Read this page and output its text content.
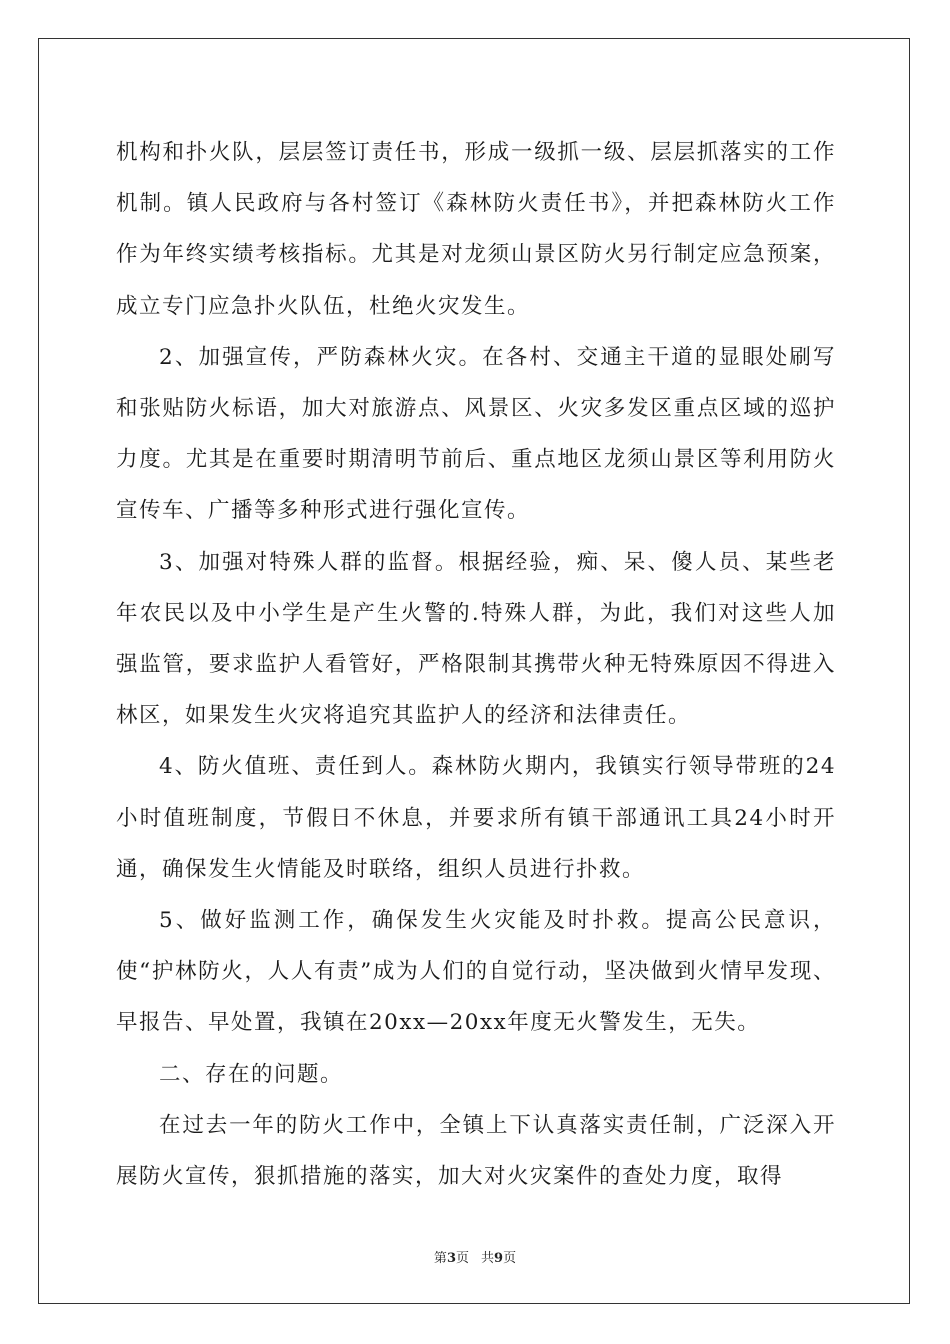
机构和扑火队，层层签订责任书，形成一级抓一级、层层抓落实的工作机制。镇人民政府与各村签订《森林防火责任书》，并把森林防火工作作为年终实绩考核指标。尤其是对龙须山景区防火另行制定应急预案，成立专门应急扑火队伍，杜绝火灾发生。

2、加强宣传，严防森林火灾。在各村、交通主干道的显眼处刷写和张贴防火标语，加大对旅游点、风景区、火灾多发区重点区域的巡护力度。尤其是在重要时期清明节前后、重点地区龙须山景区等利用防火宣传车、广播等多种形式进行强化宣传。

3、加强对特殊人群的监督。根据经验，痴、呆、傻人员、某些老年农民以及中小学生是产生火警的.特殊人群，为此，我们对这些人加强监管，要求监护人看管好，严格限制其携带火种无特殊原因不得进入林区，如果发生火灾将追究其监护人的经济和法律责任。

4、防火值班、责任到人。森林防火期内，我镇实行领导带班的24小时值班制度，节假日不休息，并要求所有镇干部通讯工具24小时开通，确保发生火情能及时联络，组织人员进行扑救。

5、做好监测工作，确保发生火灾能及时扑救。提高公民意识，使“护林防火，人人有责”成为人们的自觉行动，坚决做到火情早发现、早报告、早处置，我镇在20xx—20xx年度无火警发生，无失。

二、存在的问题。

在过去一年的防火工作中，全镇上下认真落实责任制，广泛深入开展防火宣传，狠抓措施的落实，加大对火灾案件的查处力度，取得

第3页 共9页
